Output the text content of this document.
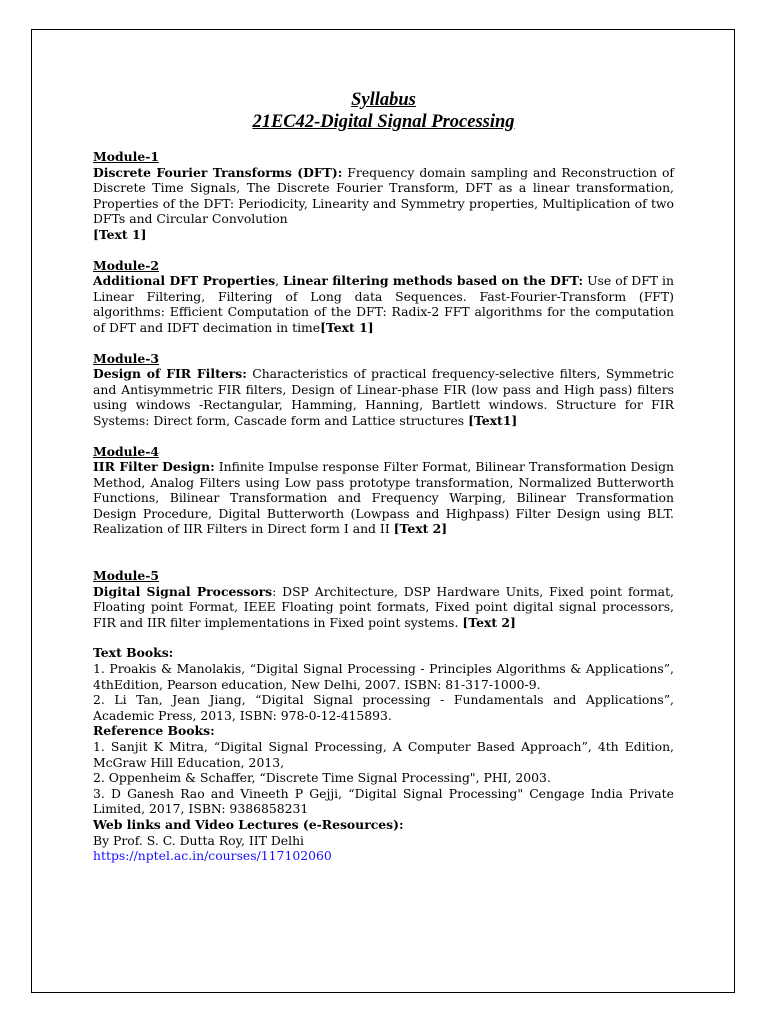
Syllabus

21EC42-Digital Signal Processing

Module-1

Discrete Fourier Transforms (DFT): Frequency domain sampling and Reconstruction of Discrete Time Signals, The Discrete Fourier Transform, DFT as a linear transformation, Properties of the DFT: Periodicity, Linearity and Symmetry properties, Multiplication of two DFTs and Circular Convolution

[Text 1]

Module-2

Additional DFT Properties, Linear filtering methods based on the DFT: Use of DFT in Linear Filtering, Filtering of Long data Sequences. Fast-Fourier-Transform (FFT) algorithms: Efficient Computation of the DFT: Radix-2 FFT algorithms for the computation of DFT and IDFT decimation in time[Text 1]

Module-3

Design of FIR Filters: Characteristics of practical frequency-selective filters, Symmetric and Antisymmetric FIR filters, Design of Linear-phase FIR (low pass and High pass) filters using windows -Rectangular, Hamming, Hanning, Bartlett windows. Structure for FIR Systems: Direct form, Cascade form and Lattice structures [Text1]

Module-4

IIR Filter Design: Infinite Impulse response Filter Format, Bilinear Transformation Design Method, Analog Filters using Low pass prototype transformation, Normalized Butterworth Functions, Bilinear Transformation and Frequency Warping, Bilinear Transformation Design Procedure, Digital Butterworth (Lowpass and Highpass) Filter Design using BLT. Realization of IIR Filters in Direct form I and II [Text 2]

Module-5

Digital Signal Processors: DSP Architecture, DSP Hardware Units, Fixed point format, Floating point Format, IEEE Floating point formats, Fixed point digital signal processors, FIR and IIR filter implementations in Fixed point systems. [Text 2]

Text Books:

1. Proakis & Manolakis, “Digital Signal Processing - Principles Algorithms & Applications”, 4thEdition, Pearson education, New Delhi, 2007. ISBN: 81-317-1000-9.

2. Li Tan, Jean Jiang, “Digital Signal processing - Fundamentals and Applications”, Academic Press, 2013, ISBN: 978-0-12-415893.

Reference Books:

1. Sanjit K Mitra, “Digital Signal Processing, A Computer Based Approach”, 4th Edition, McGraw Hill Education, 2013,

2. Oppenheim & Schaffer, “Discrete Time Signal Processing", PHI, 2003.

3. D Ganesh Rao and Vineeth P Gejji, “Digital Signal Processing" Cengage India Private Limited, 2017, ISBN: 9386858231

Web links and Video Lectures (e-Resources):

By Prof. S. C. Dutta Roy, IIT Delhi

https://nptel.ac.in/courses/117102060
